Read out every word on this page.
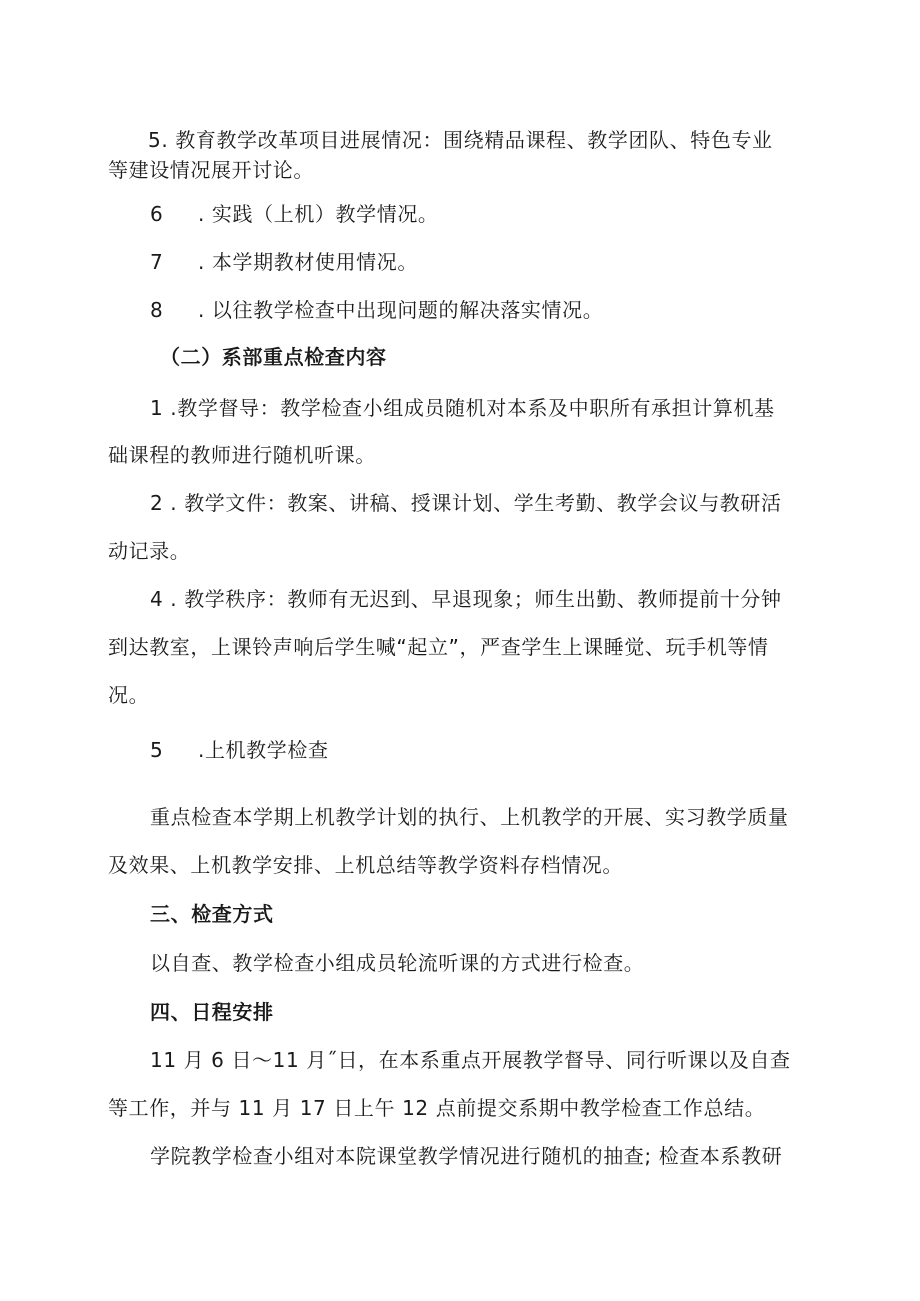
5. 教育教学改革项目进展情况：围绕精品课程、教学团队、特色专业
等建设情况展开讨论。
6 . 实践（上机）教学情况。
7 . 本学期教材使用情况。
8 . 以往教学检查中出现问题的解决落实情况。
（二）系部重点检查内容
1 .教学督导：教学检查小组成员随机对本系及中职所有承担计算机基
础课程的教师进行随机听课。
2 . 教学文件：教案、讲稿、授课计划、学生考勤、教学会议与教研活
动记录。
4 . 教学秩序：教师有无迟到、早退现象；师生出勤、教师提前十分钟
到达教室，上课铃声响后学生喊“起立”，严查学生上课睡觉、玩手机等情
况。
5 .上机教学检查
重点检查本学期上机教学计划的执行、上机教学的开展、实习教学质量
及效果、上机教学安排、上机总结等教学资料存档情况。
三、检查方式
以自查、教学检查小组成员轮流听课的方式进行检查。
四、日程安排
11 月 6 日～11 月˝日，在本系重点开展教学督导、同行听课以及自查
等工作，并与 11 月 17 日上午 12 点前提交系期中教学检查工作总结。
学院教学检查小组对本院课堂教学情况进行随机的抽查; 检查本系教研
